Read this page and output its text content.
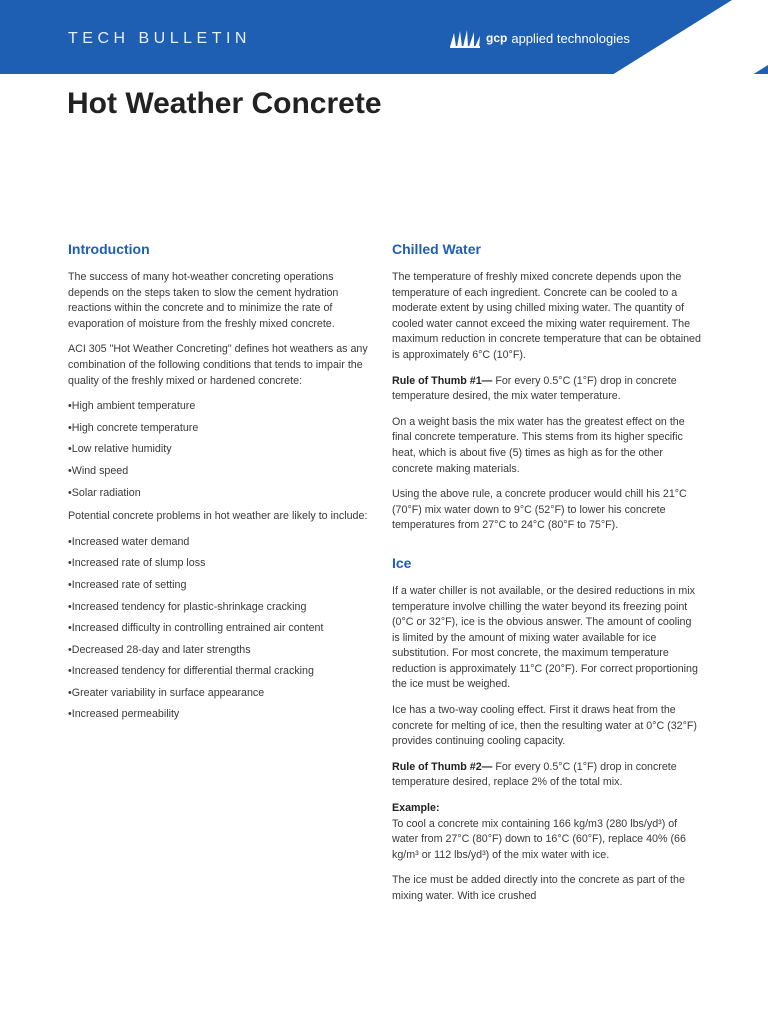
TECH BULLETIN	gcp applied technologies
Hot Weather Concrete
Introduction

The success of many hot-weather concreting operations depends on the steps taken to slow the cement hydration reactions within the concrete and to minimize the rate of evaporation of moisture from the freshly mixed concrete.

ACI 305 "Hot Weather Concreting" defines hot weathers as any combination of the following conditions that tends to impair the quality of the freshly mixed or hardened concrete:

• High ambient temperature
• High concrete temperature
• Low relative humidity
• Wind speed
• Solar radiation

Potential concrete problems in hot weather are likely to include:

• Increased water demand
• Increased rate of slump loss
• Increased rate of setting
• Increased tendency for plastic-shrinkage cracking
• Increased difficulty in controlling entrained air content
• Decreased 28-day and later strengths
• Increased tendency for differential thermal cracking
• Greater variability in surface appearance
• Increased permeability
Chilled Water

The temperature of freshly mixed concrete depends upon the temperature of each ingredient. Concrete can be cooled to a moderate extent by using chilled mixing water. The quantity of cooled water cannot exceed the mixing water requirement. The maximum reduction in concrete temperature that can be obtained is approximately 6°C (10°F).

Rule of Thumb #1— For every 0.5°C (1°F) drop in concrete temperature desired, the mix water temperature.

On a weight basis the mix water has the greatest effect on the final concrete temperature. This stems from its higher specific heat, which is about five (5) times as high as for the other concrete making materials.

Using the above rule, a concrete producer would chill his 21°C (70°F) mix water down to 9°C (52°F) to lower his concrete temperatures from 27°C to 24°C (80°F to 75°F).

Ice

If a water chiller is not available, or the desired reductions in mix temperature involve chilling the water beyond its freezing point (0°C or 32°F), ice is the obvious answer. The amount of cooling is limited by the amount of mixing water available for ice substitution. For most concrete, the maximum temperature reduction is approximately 11°C (20°F). For correct proportioning the ice must be weighed.

Ice has a two-way cooling effect. First it draws heat from the concrete for melting of ice, then the resulting water at 0°C (32°F) provides continuing cooling capacity.

Rule of Thumb #2— For every 0.5°C (1°F) drop in concrete temperature desired, replace 2% of the total mix.

Example:
To cool a concrete mix containing 166 kg/m3 (280 lbs/yd³) of water from 27°C (80°F) down to 16°C (60°F), replace 40% (66 kg/m³ or 112 lbs/yd³) of the mix water with ice.

The ice must be added directly into the concrete as part of the mixing water. With ice crushed
